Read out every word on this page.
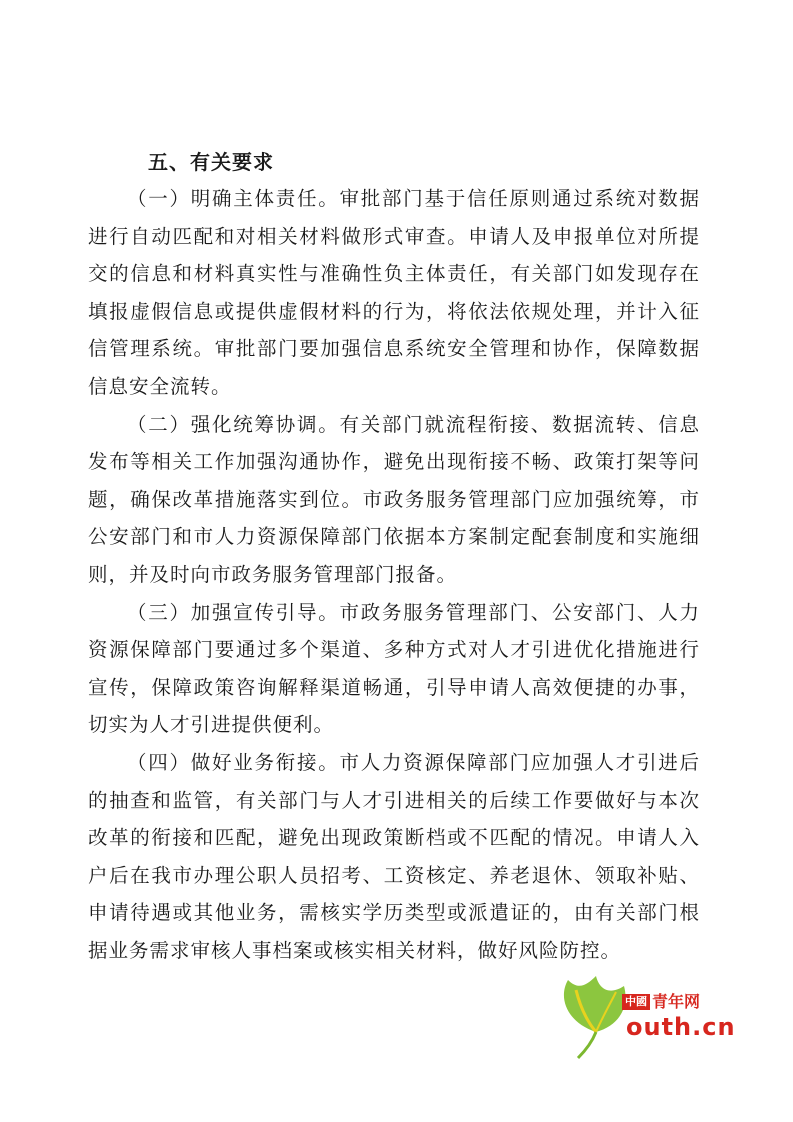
五、有关要求

（一）明确主体责任。审批部门基于信任原则通过系统对数据进行自动匹配和对相关材料做形式审查。申请人及申报单位对所提交的信息和材料真实性与准确性负主体责任，有关部门如发现存在填报虚假信息或提供虚假材料的行为，将依法依规处理，并计入征信管理系统。审批部门要加强信息系统安全管理和协作，保障数据信息安全流转。

（二）强化统筹协调。有关部门就流程衔接、数据流转、信息发布等相关工作加强沟通协作，避免出现衔接不畅、政策打架等问题，确保改革措施落实到位。市政务服务管理部门应加强统筹，市公安部门和市人力资源保障部门依据本方案制定配套制度和实施细则，并及时向市政务服务管理部门报备。

（三）加强宣传引导。市政务服务管理部门、公安部门、人力资源保障部门要通过多个渠道、多种方式对人才引进优化措施进行宣传，保障政策咨询解释渠道畅通，引导申请人高效便捷的办事，切实为人才引进提供便利。

（四）做好业务衔接。市人力资源保障部门应加强人才引进后的抽查和监管，有关部门与人才引进相关的后续工作要做好与本次改革的衔接和匹配，避免出现政策断档或不匹配的情况。申请人入户后在我市办理公职人员招考、工资核定、养老退休、领取补贴、申请待遇或其他业务，需核实学历类型或派遣证的，由有关部门根据业务需求审核人事档案或核实相关材料，做好风险防控。

中國 青年网
outh.cn
